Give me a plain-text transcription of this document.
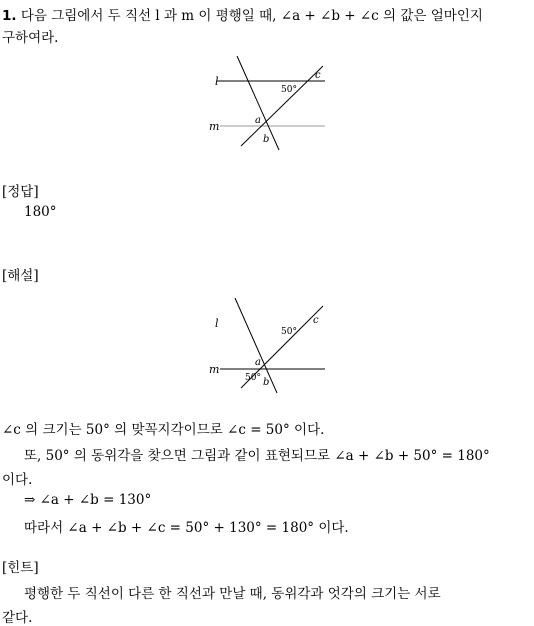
1. 다음 그림에서 두 직선 l 과 m 이 평행일 때, ∠a + ∠b + ∠c 의 값은 얼마인지
구하여라.
l
m	a
b
c
50°
[정답]
180°
[해설]
l
m
a
b
c
50°
50°
∠c 의 크기는 50° 의 맞꼭지각이므로 ∠c = 50° 이다.
또, 50° 의 동위각을 찾으면 그림과 같이 표현되므로 ∠a + ∠b + 50° = 180°
이다.
⇒ ∠a + ∠b = 130°
따라서 ∠a + ∠b + ∠c = 50° + 130° = 180° 이다.
[힌트]
평행한 두 직선이 다른 한 직선과 만날 때, 동위각과 엇각의 크기는 서로
같다.
